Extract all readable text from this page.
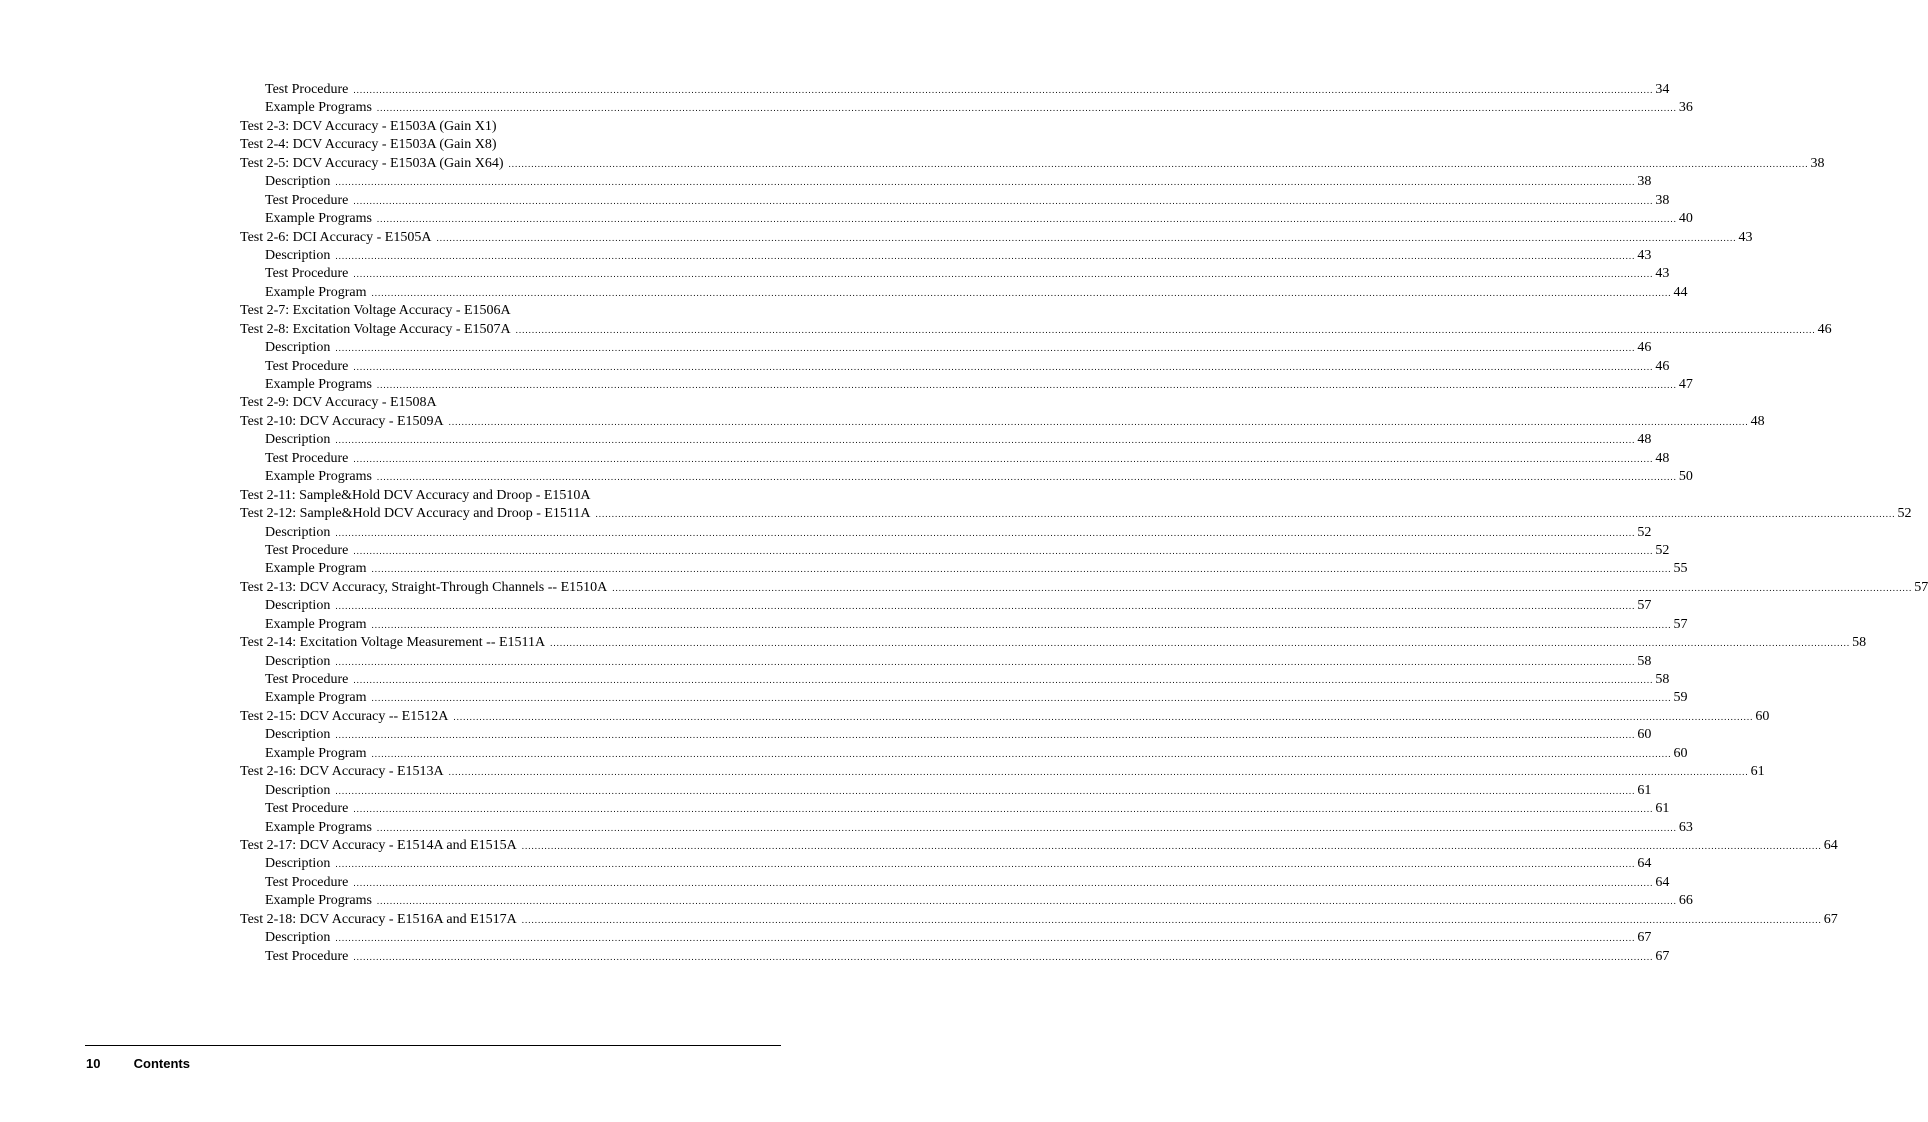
Test Procedure ................................................................................................................................................................................................................................................................................................................................................................................................................ 34
Example Programs ................................................................................................................................................................................................................................................................................................................................................................................................................ 36
Test 2-3: DCV Accuracy - E1503A (Gain X1)
Test 2-4: DCV Accuracy - E1503A (Gain X8)
Test 2-5: DCV Accuracy - E1503A (Gain X64) ................................................................................................................................................................................................................................................................................................................................................................................................................ 38
Description ................................................................................................................................................................................................................................................................................................................................................................................................................ 38
Test Procedure ................................................................................................................................................................................................................................................................................................................................................................................................................ 38
Example Programs ................................................................................................................................................................................................................................................................................................................................................................................................................ 40
Test 2-6: DCI Accuracy - E1505A ................................................................................................................................................................................................................................................................................................................................................................................................................ 43
Description ................................................................................................................................................................................................................................................................................................................................................................................................................ 43
Test Procedure ................................................................................................................................................................................................................................................................................................................................................................................................................ 43
Example Program ................................................................................................................................................................................................................................................................................................................................................................................................................ 44
Test 2-7: Excitation Voltage Accuracy - E1506A
Test 2-8: Excitation Voltage Accuracy - E1507A ................................................................................................................................................................................................................................................................................................................................................................................................................ 46
Description ................................................................................................................................................................................................................................................................................................................................................................................................................ 46
Test Procedure ................................................................................................................................................................................................................................................................................................................................................................................................................ 46
Example Programs ................................................................................................................................................................................................................................................................................................................................................................................................................ 47
Test 2-9: DCV Accuracy - E1508A
Test 2-10: DCV Accuracy - E1509A ................................................................................................................................................................................................................................................................................................................................................................................................................ 48
Description ................................................................................................................................................................................................................................................................................................................................................................................................................ 48
Test Procedure ................................................................................................................................................................................................................................................................................................................................................................................................................ 48
Example Programs ................................................................................................................................................................................................................................................................................................................................................................................................................ 50
Test 2-11: Sample&Hold DCV Accuracy and Droop - E1510A
Test 2-12: Sample&Hold DCV Accuracy and Droop - E1511A ................................................................................................................................................................................................................................................................................................................................................................................................................ 52
Description ................................................................................................................................................................................................................................................................................................................................................................................................................ 52
Test Procedure ................................................................................................................................................................................................................................................................................................................................................................................................................ 52
Example Program ................................................................................................................................................................................................................................................................................................................................................................................................................ 55
Test 2-13: DCV Accuracy, Straight-Through Channels -- E1510A ................................................................................................................................................................................................................................................................................................................................................................................................................ 57
Description ................................................................................................................................................................................................................................................................................................................................................................................................................ 57
Example Program ................................................................................................................................................................................................................................................................................................................................................................................................................ 57
Test 2-14: Excitation Voltage Measurement -- E1511A ................................................................................................................................................................................................................................................................................................................................................................................................................ 58
Description ................................................................................................................................................................................................................................................................................................................................................................................................................ 58
Test Procedure ................................................................................................................................................................................................................................................................................................................................................................................................................ 58
Example Program ................................................................................................................................................................................................................................................................................................................................................................................................................ 59
Test 2-15: DCV Accuracy -- E1512A ................................................................................................................................................................................................................................................................................................................................................................................................................ 60
Description ................................................................................................................................................................................................................................................................................................................................................................................................................ 60
Example Program ................................................................................................................................................................................................................................................................................................................................................................................................................ 60
Test 2-16: DCV Accuracy - E1513A ................................................................................................................................................................................................................................................................................................................................................................................................................ 61
Description ................................................................................................................................................................................................................................................................................................................................................................................................................ 61
Test Procedure ................................................................................................................................................................................................................................................................................................................................................................................................................ 61
Example Programs ................................................................................................................................................................................................................................................................................................................................................................................................................ 63
Test 2-17: DCV Accuracy - E1514A and E1515A ................................................................................................................................................................................................................................................................................................................................................................................................................ 64
Description ................................................................................................................................................................................................................................................................................................................................................................................................................ 64
Test Procedure ................................................................................................................................................................................................................................................................................................................................................................................................................ 64
Example Programs ................................................................................................................................................................................................................................................................................................................................................................................................................ 66
Test 2-18: DCV Accuracy - E1516A and E1517A ................................................................................................................................................................................................................................................................................................................................................................................................................ 67
Description ................................................................................................................................................................................................................................................................................................................................................................................................................ 67
Test Procedure ................................................................................................................................................................................................................................................................................................................................................................................................................ 67
10	Contents
